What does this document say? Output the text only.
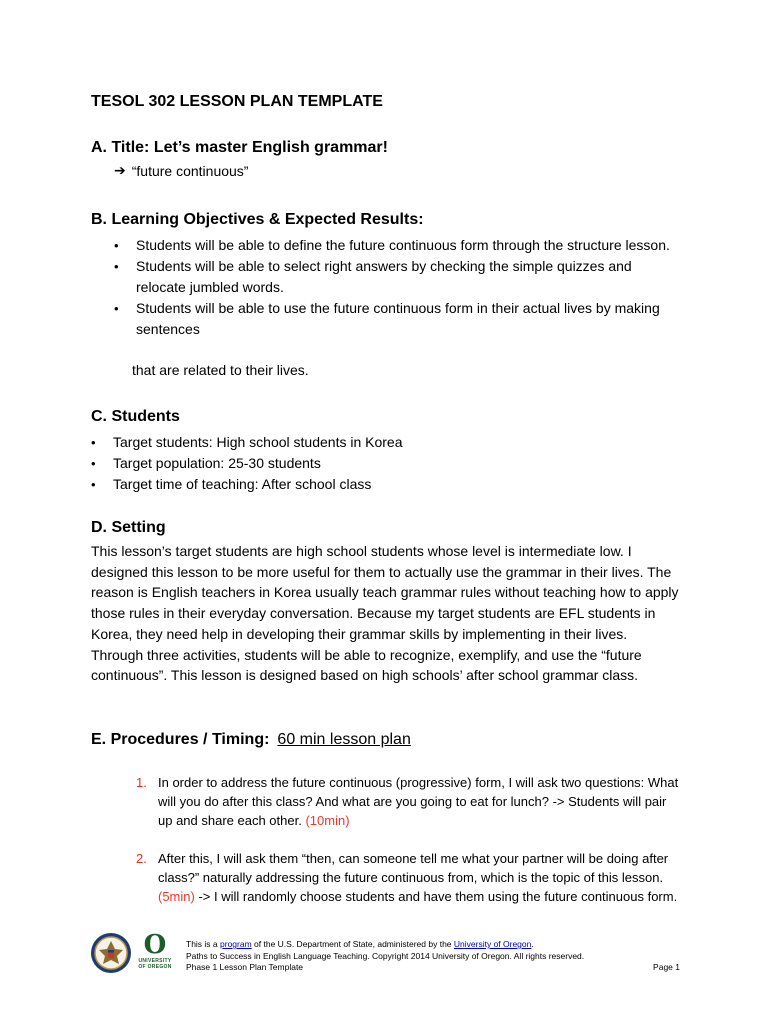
TESOL 302 LESSON PLAN TEMPLATE
A. Title: Let’s master English grammar!
➔ “future continuous”
B. Learning Objectives & Expected Results:
• Students will be able to define the future continuous form through the structure lesson.
• Students will be able to select right answers by checking the simple quizzes and relocate jumbled words.
• Students will be able to use the future continuous form in their actual lives by making sentences
that are related to their lives.
C. Students
• Target students: High school students in Korea
• Target population: 25-30 students
• Target time of teaching: After school class
D. Setting
This lesson’s target students are high school students whose level is intermediate low. I designed this lesson to be more useful for them to actually use the grammar in their lives. The reason is English teachers in Korea usually teach grammar rules without teaching how to apply those rules in their everyday conversation. Because my target students are EFL students in Korea, they need help in developing their grammar skills by implementing in their lives. Through three activities, students will be able to recognize, exemplify, and use the “future continuous”. This lesson is designed based on high schools’ after school grammar class.
E. Procedures / Timing: 60 min lesson plan
1. In order to address the future continuous (progressive) form, I will ask two questions: What will you do after this class? And what are you going to eat for lunch? -> Students will pair up and share each other. (10min)
2. After this, I will ask them “then, can someone tell me what your partner will be doing after class?” naturally addressing the future continuous from, which is the topic of this lesson. (5min) -> I will randomly choose students and have them using the future continuous form.
O
UNIVERSITY
OF OREGON
This is a program of the U.S. Department of State, administered by the University of Oregon.
Paths to Success in English Language Teaching. Copyright 2014 University of Oregon. All rights reserved.
Phase 1 Lesson Plan Template	Page 1
